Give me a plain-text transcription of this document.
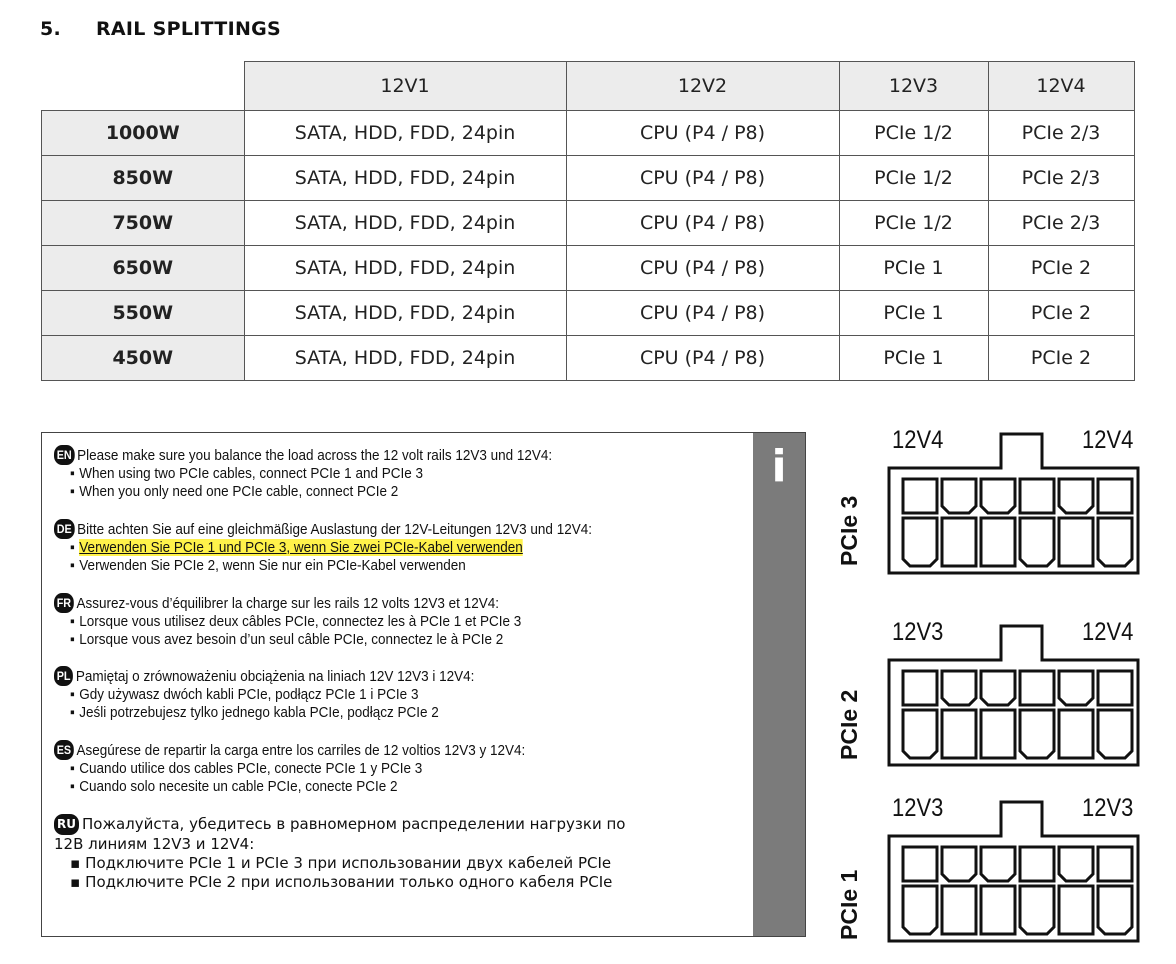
5. RAIL SPLITTINGS
	12V1	12V2	12V3	12V4
1000W	SATA, HDD, FDD, 24pin	CPU (P4 / P8)	PCIe 1/2	PCIe 2/3
850W	SATA, HDD, FDD, 24pin	CPU (P4 / P8)	PCIe 1/2	PCIe 2/3
750W	SATA, HDD, FDD, 24pin	CPU (P4 / P8)	PCIe 1/2	PCIe 2/3
650W	SATA, HDD, FDD, 24pin	CPU (P4 / P8)	PCIe 1	PCIe 2
550W	SATA, HDD, FDD, 24pin	CPU (P4 / P8)	PCIe 1	PCIe 2
450W	SATA, HDD, FDD, 24pin	CPU (P4 / P8)	PCIe 1	PCIe 2
i
EN Please make sure you balance the load across the 12 volt rails 12V3 und 12V4:
▪ When using two PCIe cables, connect PCIe 1 and PCIe 3
▪ When you only need one PCIe cable, connect PCIe 2
DE Bitte achten Sie auf eine gleichmäßige Auslastung der 12V-Leitungen 12V3 und 12V4:
▪ Verwenden Sie PCIe 1 und PCIe 3, wenn Sie zwei PCIe-Kabel verwenden
▪ Verwenden Sie PCIe 2, wenn Sie nur ein PCIe-Kabel verwenden
FR Assurez-vous d’équilibrer la charge sur les rails 12 volts 12V3 et 12V4:
▪ Lorsque vous utilisez deux câbles PCIe, connectez les à PCIe 1 et PCIe 3
▪ Lorsque vous avez besoin d’un seul câble PCIe, connectez le à PCIe 2
PL Pamiętaj o zrównoważeniu obciążenia na liniach 12V 12V3 i 12V4:
▪ Gdy używasz dwóch kabli PCIe, podłącz PCIe 1 i PCIe 3
▪ Jeśli potrzebujesz tylko jednego kabla PCIe, podłącz PCIe 2
ES Asegúrese de repartir la carga entre los carriles de 12 voltios 12V3 y 12V4:
▪ Cuando utilice dos cables PCIe, conecte PCIe 1 y PCIe 3
▪ Cuando solo necesite un cable PCIe, conecte PCIe 2
RU Пожалуйста, убедитесь в равномерном распределении нагрузки по
12В линиям 12V3 и 12V4:
▪ Подключите PCIe 1 и PCIe 3 при использовании двух кабелей PCIe
▪ Подключите PCIe 2 при использовании только одного кабеля PCIe
12V4	12V4
PCIe 3
12V3	12V4
PCIe 2
12V3	12V3
PCIe 1
